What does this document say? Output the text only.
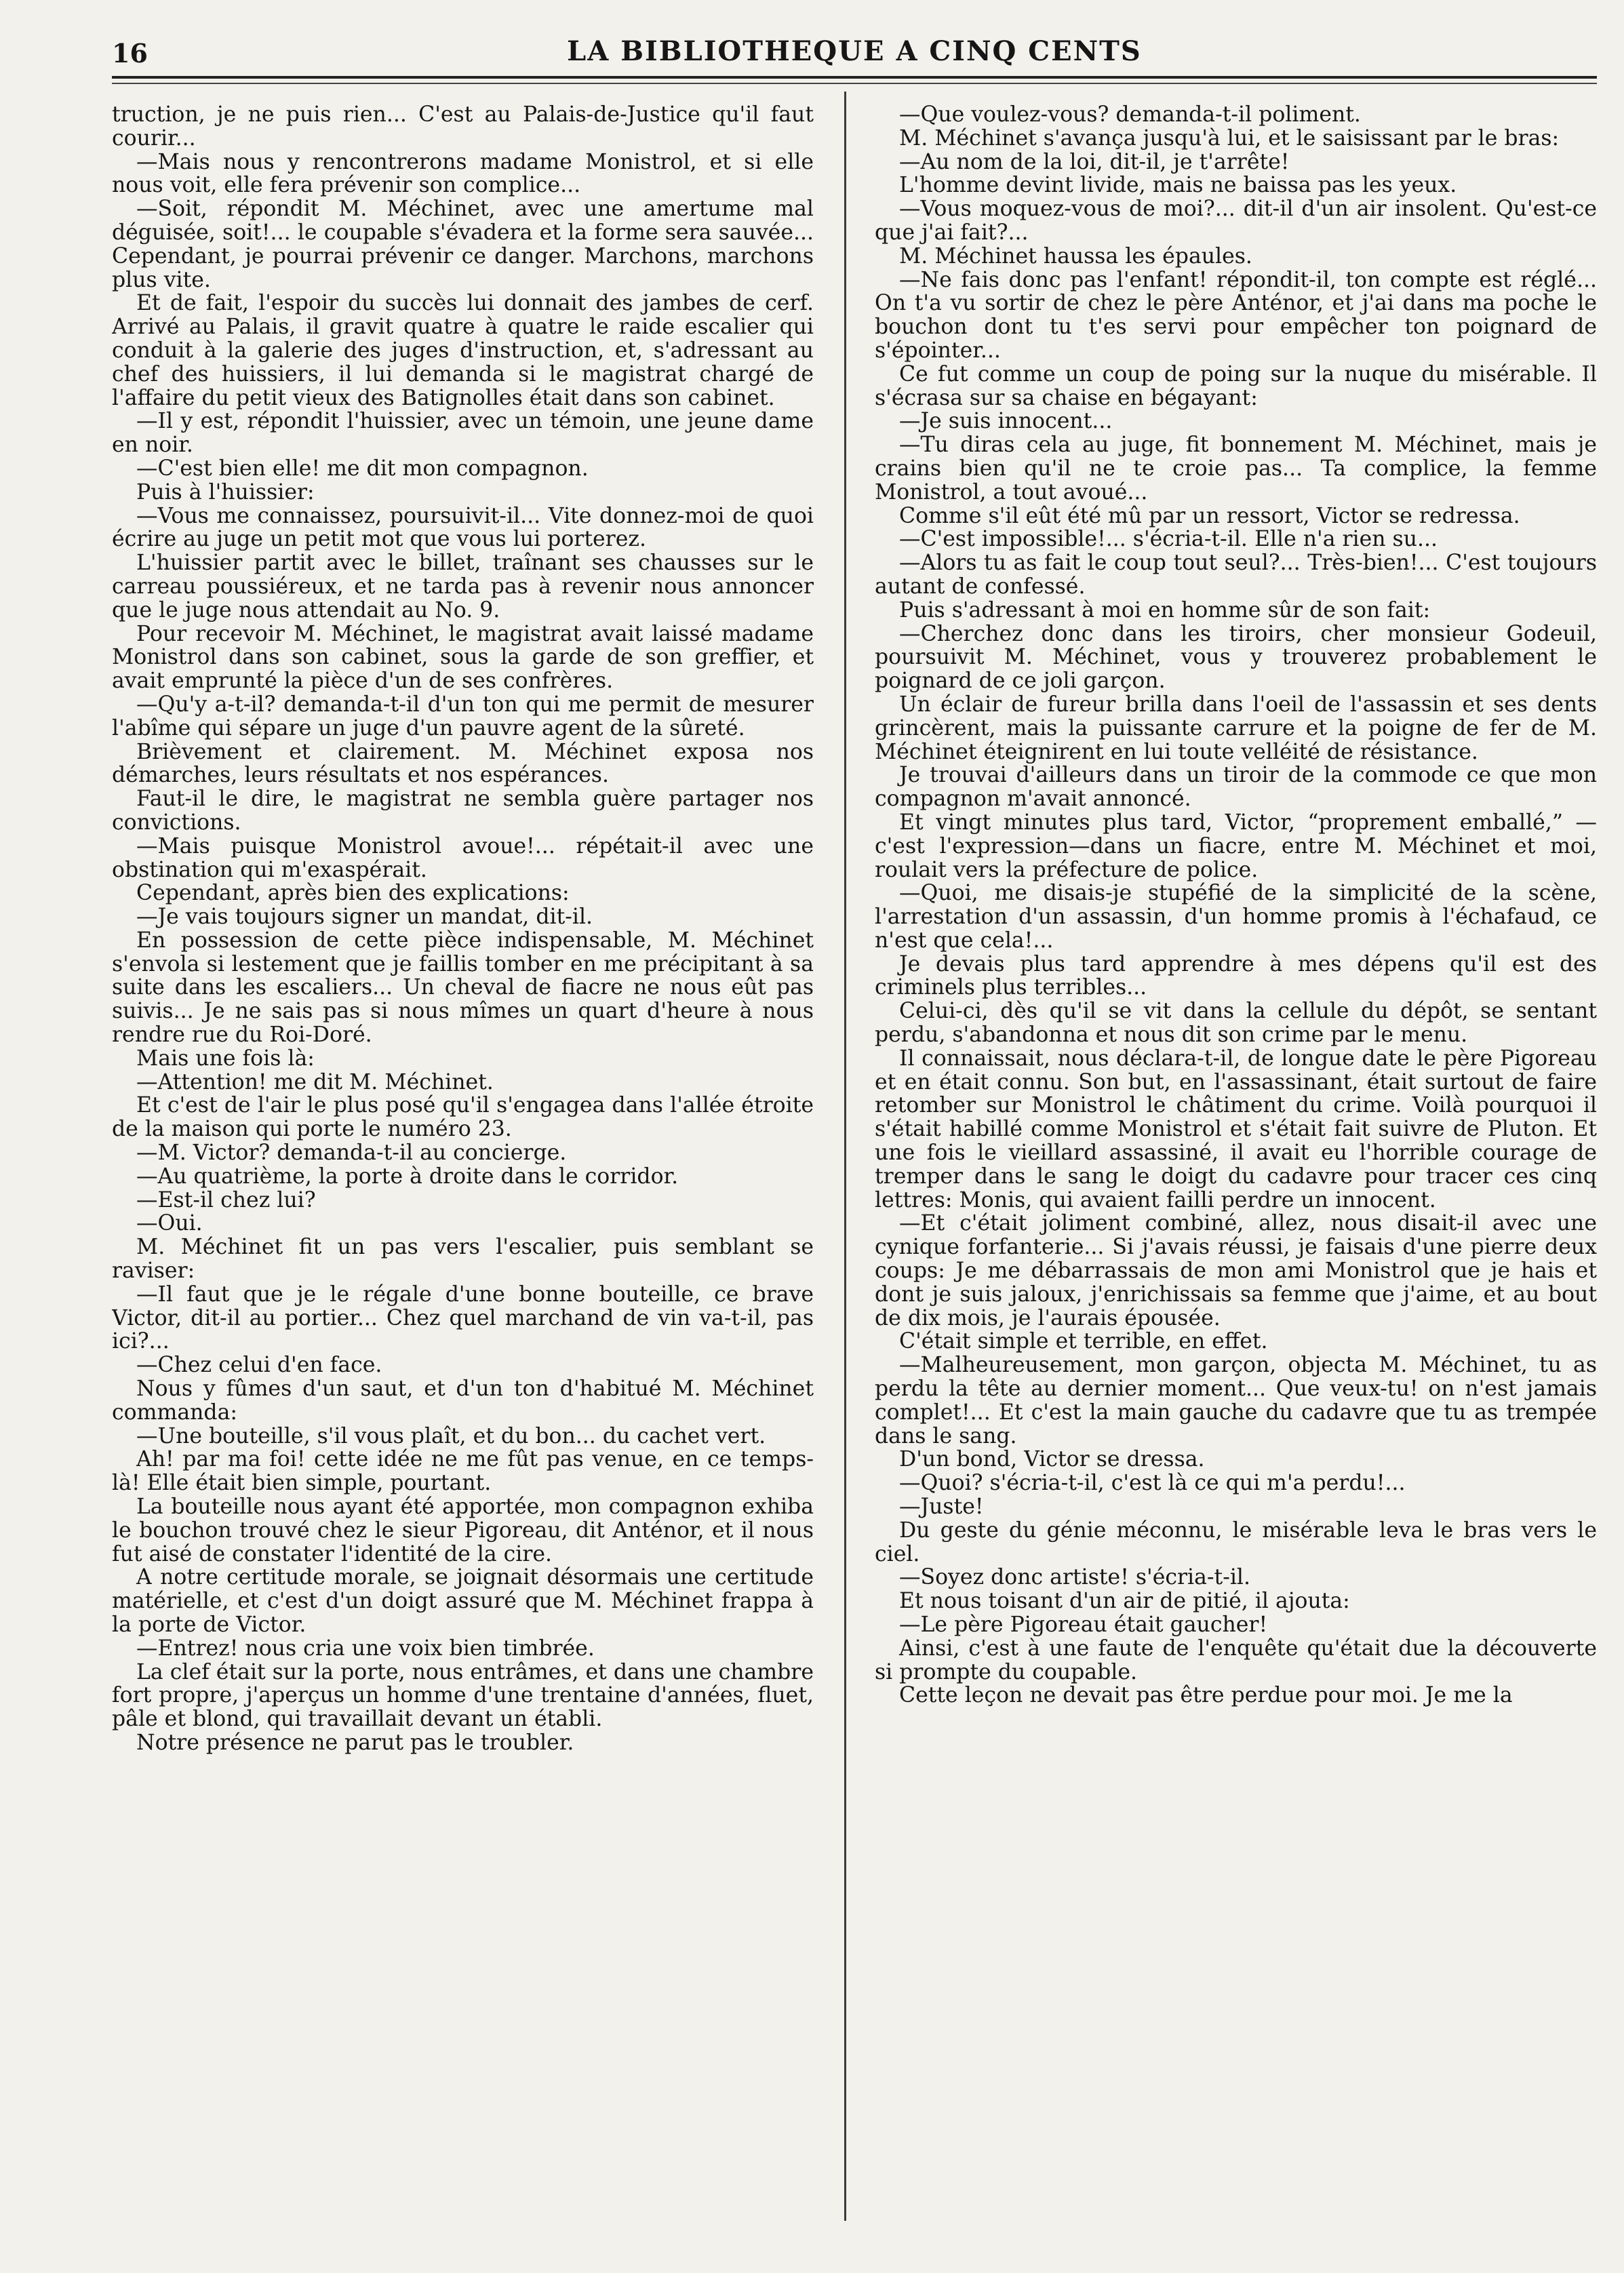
16	LA BIBLIOTHEQUE A CINQ CENTS

truction, je ne puis rien... C'est au Palais-de-Justice qu'il faut courir...

—Mais nous y rencontrerons madame Monistrol, et si elle nous voit, elle fera prévenir son complice...

—Soit, répondit M. Méchinet, avec une amertume mal déguisée, soit!... le coupable s'évadera et la forme sera sauvée... Cependant, je pourrai prévenir ce danger. Marchons, marchons plus vite.

Et de fait, l'espoir du succès lui donnait des jambes de cerf. Arrivé au Palais, il gravit quatre à quatre le raide escalier qui conduit à la galerie des juges d'instruction, et, s'adressant au chef des huissiers, il lui demanda si le magistrat chargé de l'affaire du petit vieux des Batignolles était dans son cabinet.

—Il y est, répondit l'huissier, avec un témoin, une jeune dame en noir.

—C'est bien elle! me dit mon compagnon.

Puis à l'huissier:

—Vous me connaissez, poursuivit-il... Vite donnez-moi de quoi écrire au juge un petit mot que vous lui porterez.

L'huissier partit avec le billet, traînant ses chausses sur le carreau poussiéreux, et ne tarda pas à revenir nous annoncer que le juge nous attendait au No. 9.

Pour recevoir M. Méchinet, le magistrat avait laissé madame Monistrol dans son cabinet, sous la garde de son greffier, et avait emprunté la pièce d'un de ses confrères.

—Qu'y a-t-il? demanda-t-il d'un ton qui me permit de mesurer l'abîme qui sépare un juge d'un pauvre agent de la sûreté.

Brièvement et clairement. M. Méchinet exposa nos démarches, leurs résultats et nos espérances.

Faut-il le dire, le magistrat ne sembla guère partager nos convictions.

—Mais puisque Monistrol avoue!... répétait-il avec une obstination qui m'exaspérait.

Cependant, après bien des explications:

—Je vais toujours signer un mandat, dit-il.

En possession de cette pièce indispensable, M. Méchinet s'envola si lestement que je faillis tomber en me précipitant à sa suite dans les escaliers... Un cheval de fiacre ne nous eût pas suivis... Je ne sais pas si nous mîmes un quart d'heure à nous rendre rue du Roi-Doré.

Mais une fois là:

—Attention! me dit M. Méchinet.

Et c'est de l'air le plus posé qu'il s'engagea dans l'allée étroite de la maison qui porte le numéro 23.

—M. Victor? demanda-t-il au concierge.

—Au quatrième, la porte à droite dans le corridor.

—Est-il chez lui?

—Oui.

M. Méchinet fit un pas vers l'escalier, puis semblant se raviser:

—Il faut que je le régale d'une bonne bouteille, ce brave Victor, dit-il au portier... Chez quel marchand de vin va-t-il, pas ici?...

—Chez celui d'en face.

Nous y fûmes d'un saut, et d'un ton d'habitué M. Méchinet commanda:

—Une bouteille, s'il vous plaît, et du bon... du cachet vert.

Ah! par ma foi! cette idée ne me fût pas venue, en ce temps-là! Elle était bien simple, pourtant.

La bouteille nous ayant été apportée, mon compagnon exhiba le bouchon trouvé chez le sieur Pigoreau, dit Anténor, et il nous fut aisé de constater l'identité de la cire.

A notre certitude morale, se joignait désormais une certitude matérielle, et c'est d'un doigt assuré que M. Méchinet frappa à la porte de Victor.

—Entrez! nous cria une voix bien timbrée.

La clef était sur la porte, nous entrâmes, et dans une chambre fort propre, j'aperçus un homme d'une trentaine d'années, fluet, pâle et blond, qui travaillait devant un établi.

Notre présence ne parut pas le troubler.

—Que voulez-vous? demanda-t-il poliment.

M. Méchinet s'avança jusqu'à lui, et le saisissant par le bras:

—Au nom de la loi, dit-il, je t'arrête!

L'homme devint livide, mais ne baissa pas les yeux.

—Vous moquez-vous de moi?... dit-il d'un air insolent. Qu'est-ce que j'ai fait?...

M. Méchinet haussa les épaules.

—Ne fais donc pas l'enfant! répondit-il, ton compte est réglé... On t'a vu sortir de chez le père Anténor, et j'ai dans ma poche le bouchon dont tu t'es servi pour empêcher ton poignard de s'épointer...

Ce fut comme un coup de poing sur la nuque du misérable. Il s'écrasa sur sa chaise en bégayant:

—Je suis innocent...

—Tu diras cela au juge, fit bonnement M. Méchinet, mais je crains bien qu'il ne te croie pas... Ta complice, la femme Monistrol, a tout avoué...

Comme s'il eût été mû par un ressort, Victor se redressa.

—C'est impossible!... s'écria-t-il. Elle n'a rien su...

—Alors tu as fait le coup tout seul?... Très-bien!... C'est toujours autant de confessé.

Puis s'adressant à moi en homme sûr de son fait:

—Cherchez donc dans les tiroirs, cher monsieur Godeuil, poursuivit M. Méchinet, vous y trouverez probablement le poignard de ce joli garçon.

Un éclair de fureur brilla dans l'oeil de l'assassin et ses dents grincèrent, mais la puissante carrure et la poigne de fer de M. Méchinet éteignirent en lui toute velléité de résistance.

Je trouvai d'ailleurs dans un tiroir de la commode ce que mon compagnon m'avait annoncé.

Et vingt minutes plus tard, Victor, “proprement emballé,” —c'est l'expression—dans un fiacre, entre M. Méchinet et moi, roulait vers la préfecture de police.

—Quoi, me disais-je stupéfié de la simplicité de la scène, l'arrestation d'un assassin, d'un homme promis à l'échafaud, ce n'est que cela!...

Je devais plus tard apprendre à mes dépens qu'il est des criminels plus terribles...

Celui-ci, dès qu'il se vit dans la cellule du dépôt, se sentant perdu, s'abandonna et nous dit son crime par le menu.

Il connaissait, nous déclara-t-il, de longue date le père Pigoreau et en était connu. Son but, en l'assassinant, était surtout de faire retomber sur Monistrol le châtiment du crime. Voilà pourquoi il s'était habillé comme Monistrol et s'était fait suivre de Pluton. Et une fois le vieillard assassiné, il avait eu l'horrible courage de tremper dans le sang le doigt du cadavre pour tracer ces cinq lettres: Monis, qui avaient failli perdre un innocent.

—Et c'était joliment combiné, allez, nous disait-il avec une cynique forfanterie... Si j'avais réussi, je faisais d'une pierre deux coups: Je me débarrassais de mon ami Monistrol que je hais et dont je suis jaloux, j'enrichissais sa femme que j'aime, et au bout de dix mois, je l'aurais épousée.

C'était simple et terrible, en effet.

—Malheureusement, mon garçon, objecta M. Méchinet, tu as perdu la tête au dernier moment... Que veux-tu! on n'est jamais complet!... Et c'est la main gauche du cadavre que tu as trempée dans le sang.

D'un bond, Victor se dressa.

—Quoi? s'écria-t-il, c'est là ce qui m'a perdu!...

—Juste!

Du geste du génie méconnu, le misérable leva le bras vers le ciel.

—Soyez donc artiste! s'écria-t-il.

Et nous toisant d'un air de pitié, il ajouta:

—Le père Pigoreau était gaucher!

Ainsi, c'est à une faute de l'enquête qu'était due la découverte si prompte du coupable.

Cette leçon ne devait pas être perdue pour moi. Je me la
